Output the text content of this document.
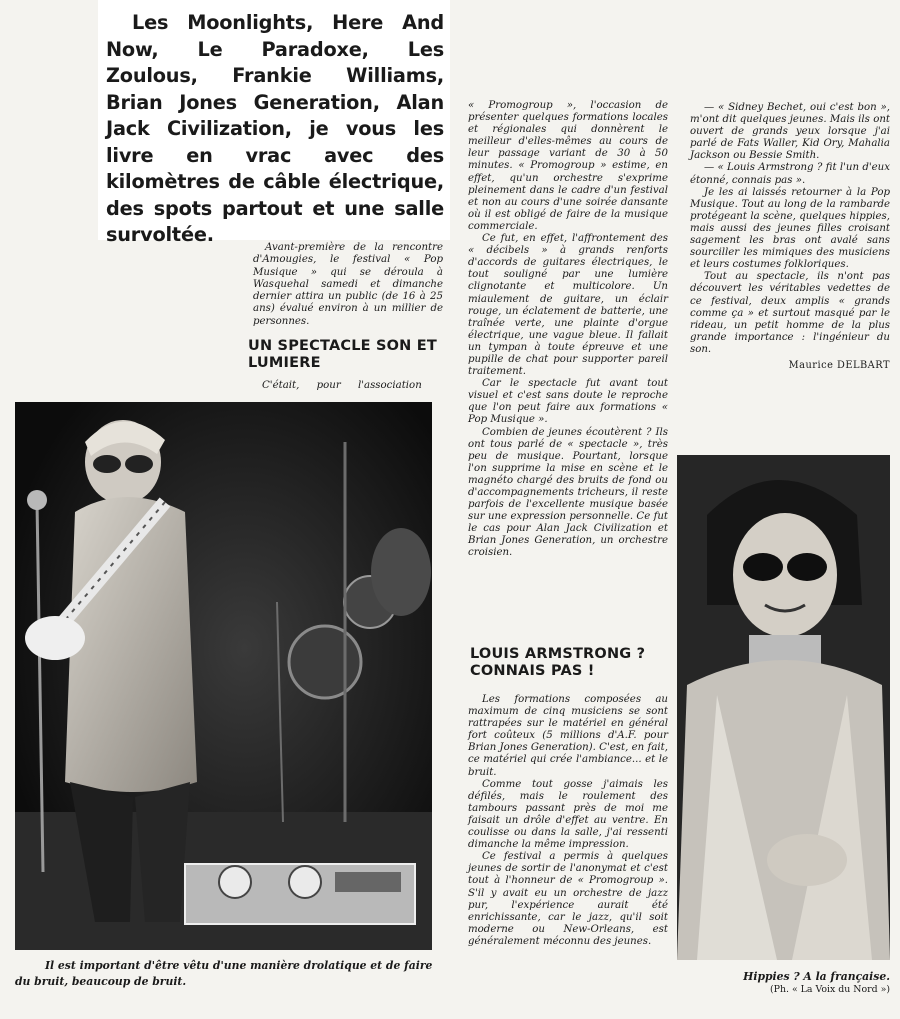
Les Moonlights, Here And Now, Le Paradoxe, Les Zoulous, Frankie Williams, Brian Jones Generation, Alan Jack Civilization, je vous les livre en vrac avec des kilomètres de câble électrique, des spots partout et une salle survoltée.

Avant-première de la rencontre d'Amougies, le festival « Pop Musique » qui se déroula à Wasquehal samedi et dimanche dernier attira un public (de 16 à 25 ans) évalué environ à un millier de personnes.

UN SPECTACLE SON ET LUMIERE
C'était, pour l'association

« Promogroup », l'occasion de présenter quelques formations locales et régionales qui donnèrent le meilleur d'elles-mêmes au cours de leur passage variant de 30 à 50 minutes. « Promogroup » estime, en effet, qu'un orchestre s'exprime pleinement dans le cadre d'un festival et non au cours d'une soirée dansante où il est obligé de faire de la musique commerciale.

Ce fut, en effet, l'affrontement des « décibels » à grands renforts d'accords de guitares électriques, le tout souligné par une lumière clignotante et multicolore. Un miaulement de guitare, un éclair rouge, un éclatement de batterie, une traînée verte, une plainte d'orgue électrique, une vague bleue. Il fallait un tympan à toute épreuve et une pupille de chat pour supporter pareil traitement.

Car le spectacle fut avant tout visuel et c'est sans doute le reproche que l'on peut faire aux formations « Pop Musique ».

Combien de jeunes écoutèrent ? Ils ont tous parlé de « spectacle », très peu de musique. Pourtant, lorsque l'on supprime la mise en scène et le magnéto chargé des bruits de fond ou d'accompagnements tricheurs, il reste parfois de l'excellente musique basée sur une expression personnelle. Ce fut le cas pour Alan Jack Civilization et Brian Jones Generation, un orchestre croisien.

LOUIS ARMSTRONG ? CONNAIS PAS !

Les formations composées au maximum de cinq musiciens se sont rattrapées sur le matériel en général fort coûteux (5 millions d'A.F. pour Brian Jones Generation). C'est, en fait, ce matériel qui crée l'ambiance... et le bruit.

Comme tout gosse j'aimais les défilés, mais le roulement des tambours passant près de moi me faisait un drôle d'effet au ventre. En coulisse ou dans la salle, j'ai ressenti dimanche la même impression.

Ce festival a permis à quelques jeunes de sortir de l'anonymat et c'est tout à l'honneur de « Promogroup ». S'il y avait eu un orchestre de jazz pur, l'expérience aurait été enrichissante, car le jazz, qu'il soit moderne ou New-Orleans, est généralement méconnu des jeunes.

— « Sidney Bechet, oui c'est bon », m'ont dit quelques jeunes. Mais ils ont ouvert de grands yeux lorsque j'ai parlé de Fats Waller, Kid Ory, Mahalia Jackson ou Bessie Smith.

— « Louis Armstrong ? fit l'un d'eux étonné, connais pas ».

Je les ai laissés retourner à la Pop Musique. Tout au long de la rambarde protégeant la scène, quelques hippies, mais aussi des jeunes filles croisant sagement les bras ont avalé sans sourciller les mimiques des musiciens et leurs costumes folkloriques.

Tout au spectacle, ils n'ont pas découvert les véritables vedettes de ce festival, deux amplis « grands comme ça » et surtout masqué par le rideau, un petit homme de la plus grande importance : l'ingénieur du son.

Maurice DELBART
Il est important d'être vêtu d'une manière drolatique et de faire du bruit, beaucoup de bruit.	Hippies ? A la française.
(Ph. « La Voix du Nord »)
